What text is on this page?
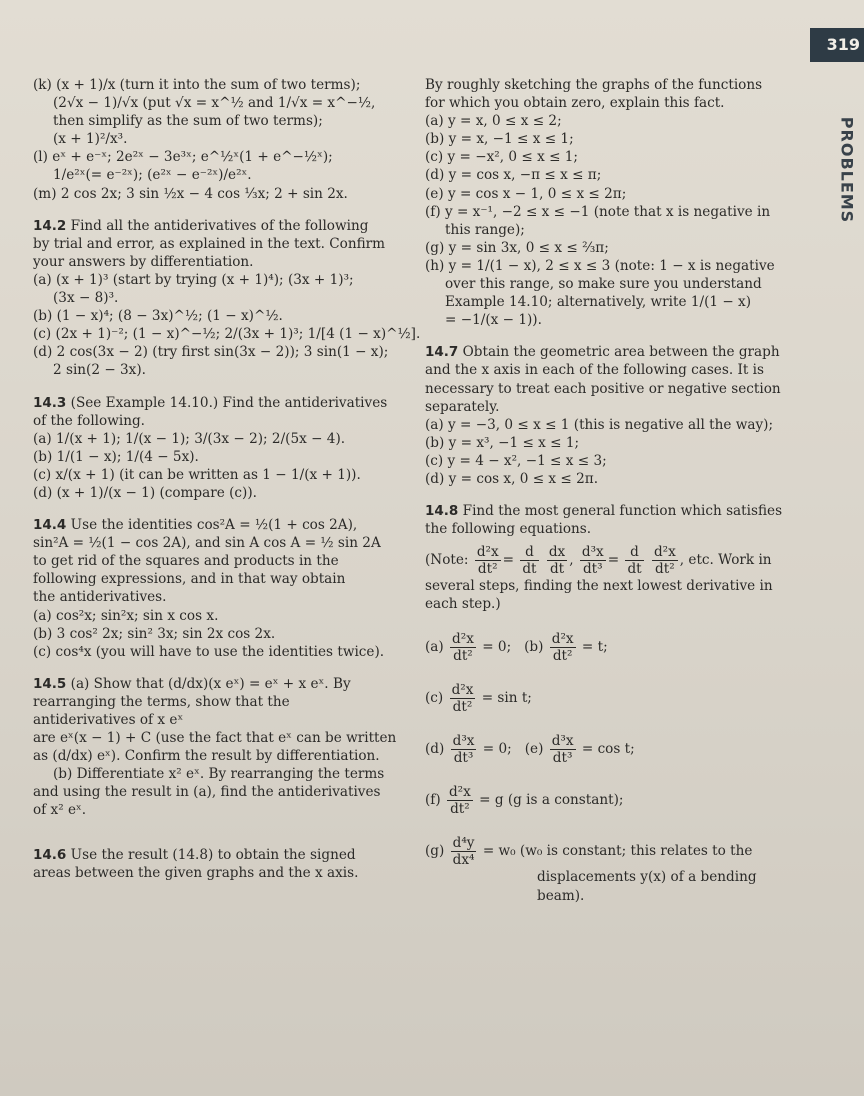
319
PROBLEMS

(k) (x + 1)/x (turn it into the sum of two terms);

(2√x − 1)/√x (put √x = x^½ and 1/√x = x^−½,

then simplify as the sum of two terms);

(x + 1)²/x³.

(l) eˣ + e⁻ˣ; 2e²ˣ − 3e³ˣ; e^½ˣ(1 + e^−½ˣ);

1/e²ˣ(= e⁻²ˣ); (e²ˣ − e⁻²ˣ)/e²ˣ.

(m) 2 cos 2x; 3 sin ½x − 4 cos ⅓x; 2 + sin 2x.

14.2 Find all the antiderivatives of the following

by trial and error, as explained in the text. Confirm

your answers by differentiation.

(a) (x + 1)³ (start by trying (x + 1)⁴); (3x + 1)³;

(3x − 8)³.

(b) (1 − x)⁴; (8 − 3x)^½; (1 − x)^½.

(c) (2x + 1)⁻²; (1 − x)^−½; 2/(3x + 1)³; 1/[4 (1 − x)^½].

(d) 2 cos(3x − 2) (try first sin(3x − 2)); 3 sin(1 − x);

2 sin(2 − 3x).

14.3 (See Example 14.10.) Find the antiderivatives

of the following.

(a) 1/(x + 1); 1/(x − 1); 3/(3x − 2); 2/(5x − 4).

(b) 1/(1 − x); 1/(4 − 5x).

(c) x/(x + 1) (it can be written as 1 − 1/(x + 1)).

(d) (x + 1)/(x − 1) (compare (c)).

14.4 Use the identities cos²A = ½(1 + cos 2A),

sin²A = ½(1 − cos 2A), and sin A cos A = ½ sin 2A

to get rid of the squares and products in the

following expressions, and in that way obtain

the antiderivatives.

(a) cos²x; sin²x; sin x cos x.

(b) 3 cos² 2x; sin² 3x; sin 2x cos 2x.

(c) cos⁴x (you will have to use the identities twice).

14.5 (a) Show that (d/dx)(x eˣ) = eˣ + x eˣ. By

rearranging the terms, show that the

antiderivatives of x eˣ

are eˣ(x − 1) + C (use the fact that eˣ can be written

as (d/dx) eˣ). Confirm the result by differentiation.

(b) Differentiate x² eˣ. By rearranging the terms

and using the result in (a), find the antiderivatives

of x² eˣ.

14.6 Use the result (14.8) to obtain the signed

areas between the given graphs and the x axis.

By roughly sketching the graphs of the functions

for which you obtain zero, explain this fact.

(a) y = x, 0 ≤ x ≤ 2;

(b) y = x, −1 ≤ x ≤ 1;

(c) y = −x², 0 ≤ x ≤ 1;

(d) y = cos x, −π ≤ x ≤ π;

(e) y = cos x − 1, 0 ≤ x ≤ 2π;

(f) y = x⁻¹, −2 ≤ x ≤ −1 (note that x is negative in

this range);

(g) y = sin 3x, 0 ≤ x ≤ ⅔π;

(h) y = 1/(1 − x), 2 ≤ x ≤ 3 (note: 1 − x is negative

over this range, so make sure you understand

Example 14.10; alternatively, write 1/(1 − x)

= −1/(x − 1)).

14.7 Obtain the geometric area between the graph

and the x axis in each of the following cases. It is

necessary to treat each positive or negative section

separately.

(a) y = −3, 0 ≤ x ≤ 1 (this is negative all the way);

(b) y = x³, −1 ≤ x ≤ 1;

(c) y = 4 − x², −1 ≤ x ≤ 3;

(d) y = cos x, 0 ≤ x ≤ 2π.

14.8 Find the most general function which satisfies

the following equations.

(Note: $\frac{\text{d²x}}{\text{dt²}} = \frac{d}{dt}$
$\frac{dx}{dt}$ , $\frac{\text{d³x}}{\text{dt³}} = \frac{d}{dt}$
$\frac{\text{d²x}}{\text{dt²}}$ , etc. Work in

several steps, finding the next lowest derivative in

each step.)

$(a) \frac{\text{d²x}}{\text{dt²}} = 0$; $(b) \frac{\text{d²x}}{\text{dt²}} = t$;

$(c) \frac{\text{d²x}}{\text{dt²}} = \sin t$;

$(d) \frac{\text{d³x}}{\text{dt³}} = 0$; $(e) \frac{\text{d³x}}{\text{dt³}} = \cos t$;

$(f) \frac{\text{d²x}}{\text{dt²}} = g$ (g is a constant);

$(g) \frac{\text{d⁴y}}{\text{dx⁴}} = w_0$ (w₀ is constant; this relates to the

displacements y(x) of a bending

beam).
